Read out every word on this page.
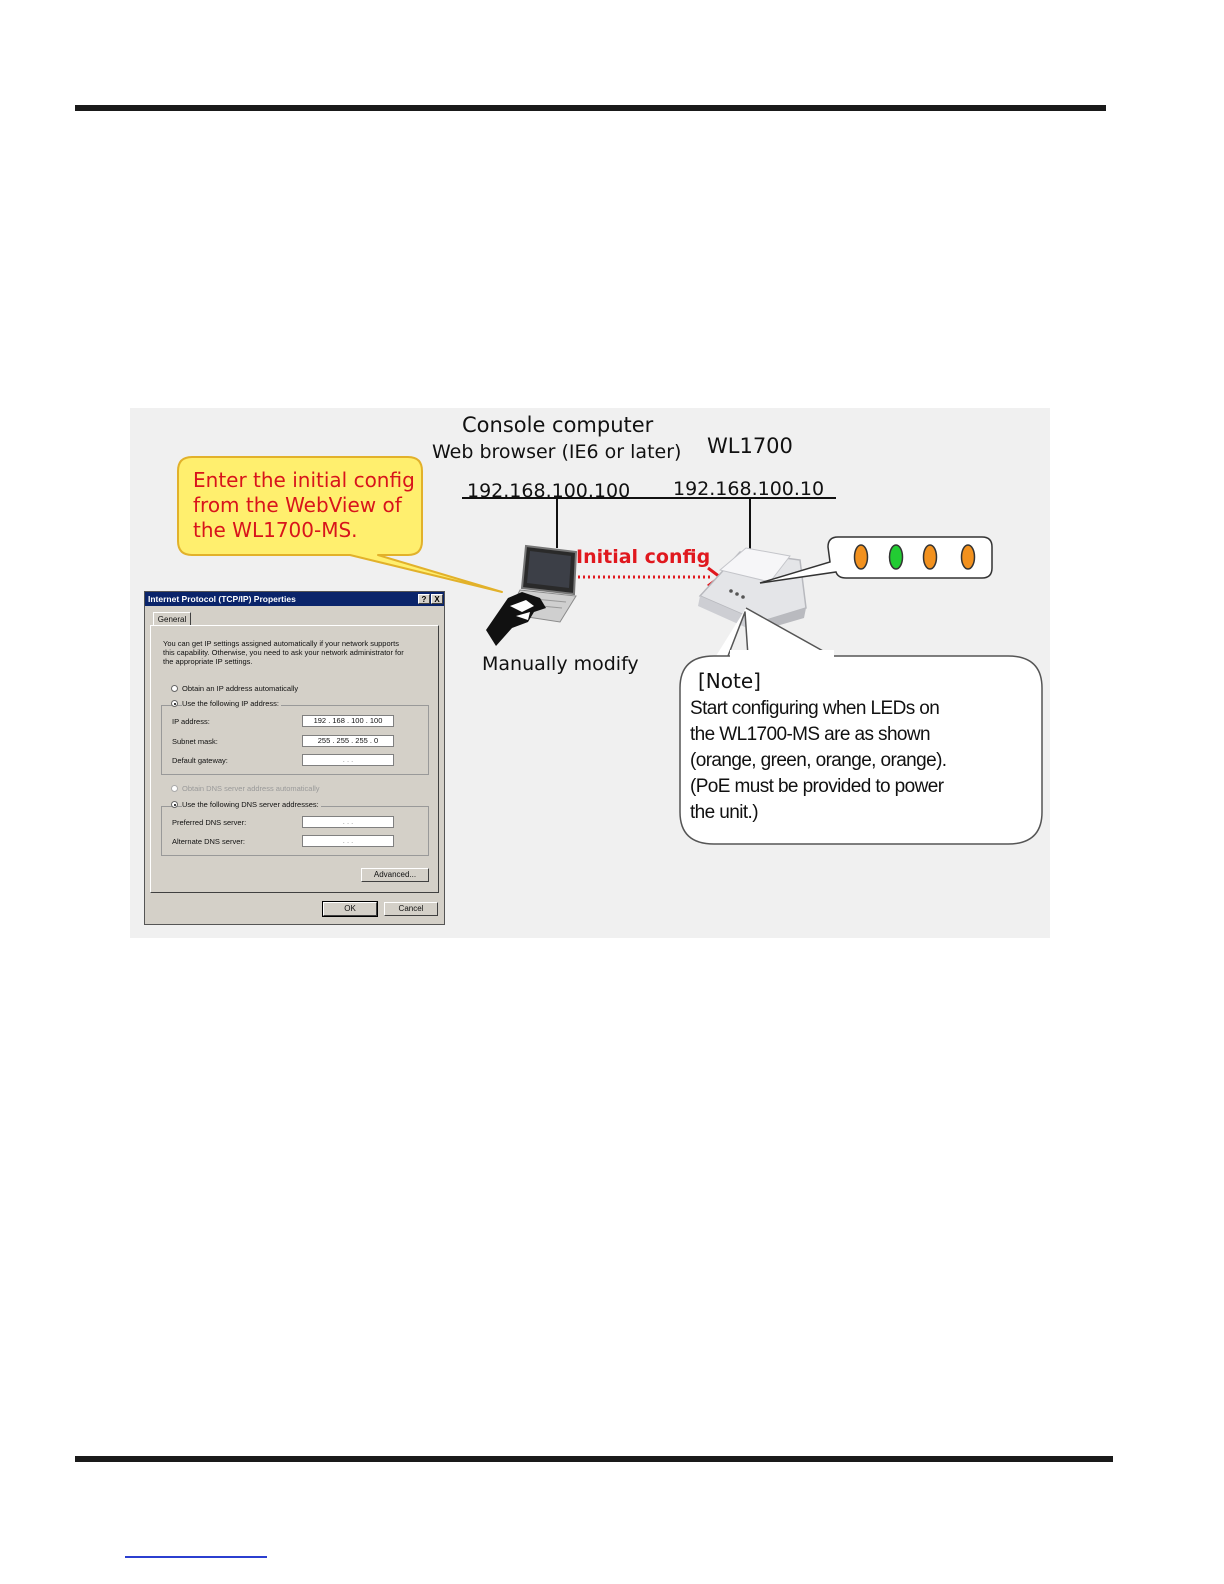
Console computer
Web browser (IE6 or later) WL1700
192.168.100.100 192.168.100.10
Initial config
Manually modify
Enter the initial config
from the WebView of
the WL1700-MS.
[Note]
Start configuring when LEDs on
the WL1700-MS are as shown
(orange, green, orange, orange).
(PoE must be provided to power
the unit.)
Internet Protocol (TCP/IP) Properties	? X
General
You can get IP settings assigned automatically if your network supports
this capability. Otherwise, you need to ask your network administrator for
the appropriate IP settings.
Obtain an IP address automatically
Use the following IP address:
IP address:	192 . 168 . 100 . 100
Subnet mask:	255 . 255 . 255 . 0
Default gateway:	. . .
Obtain DNS server address automatically
Use the following DNS server addresses:
Preferred DNS server:	. . .
Alternate DNS server:	. . .
Advanced...
OK	Cancel
